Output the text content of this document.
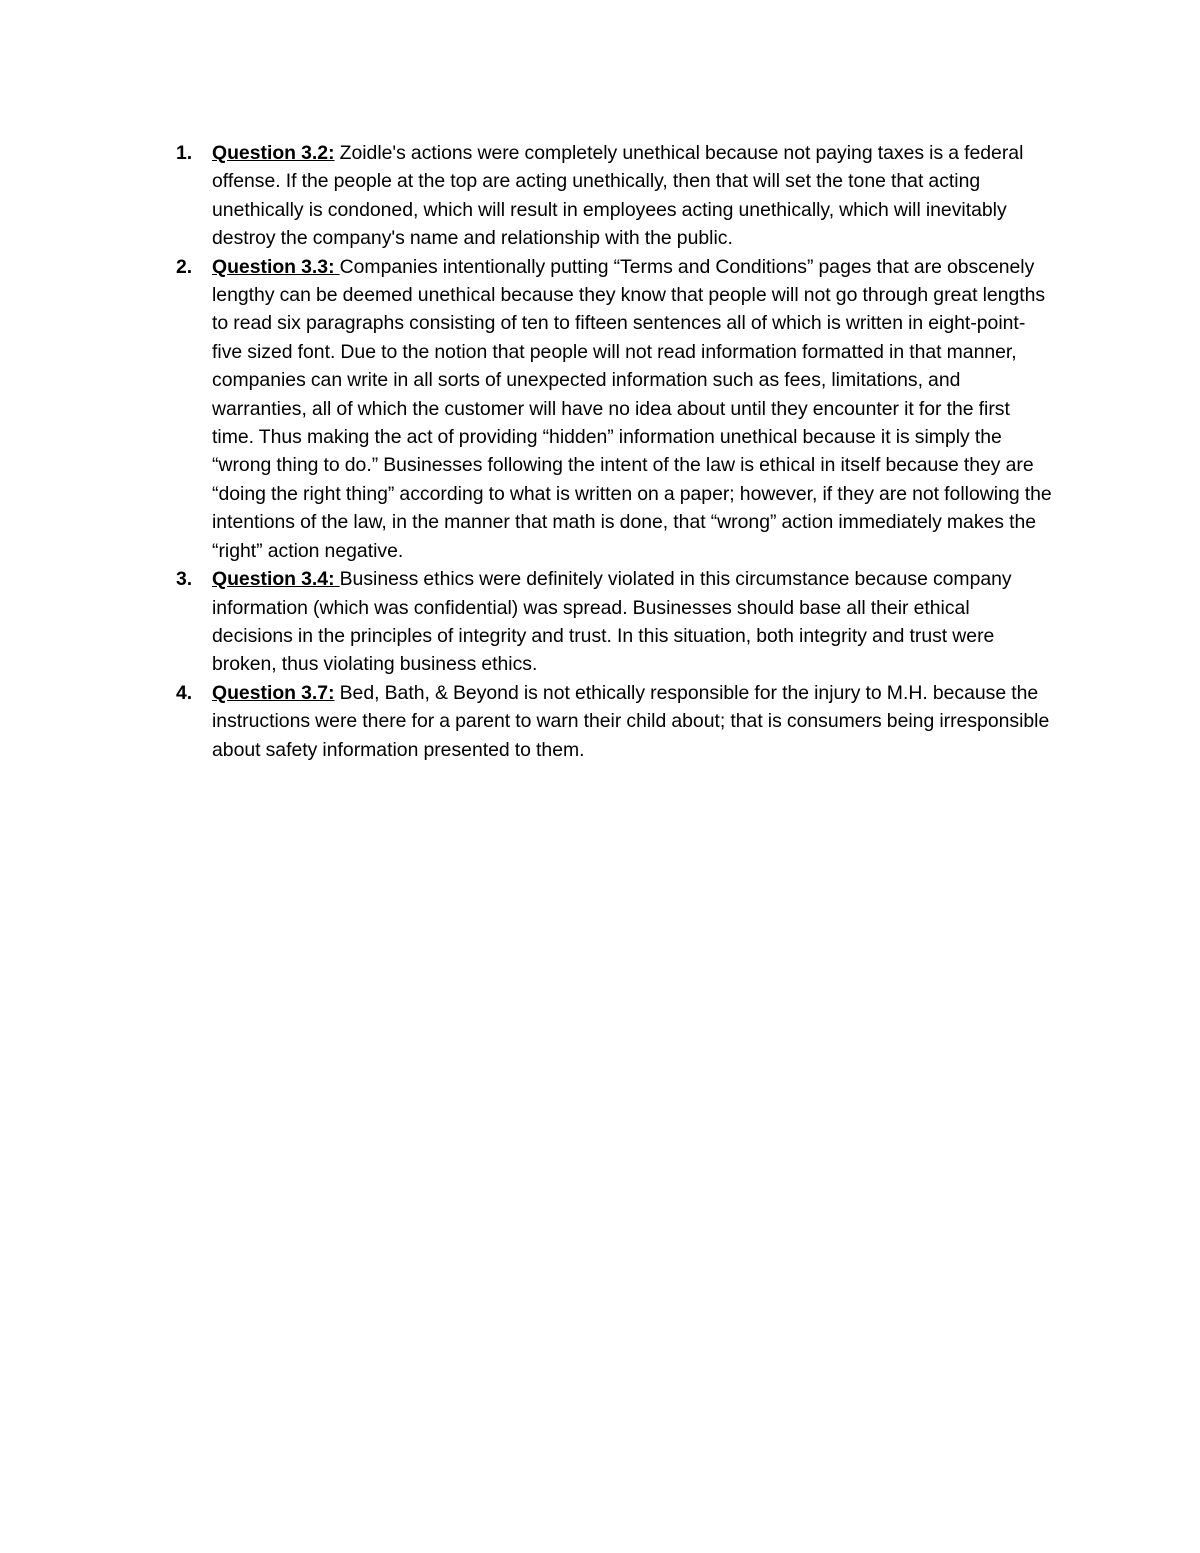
1. Question 3.2: Zoidle's actions were completely unethical because not paying taxes is a federal offense. If the people at the top are acting unethically, then that will set the tone that acting unethically is condoned, which will result in employees acting unethically, which will inevitably destroy the company's name and relationship with the public.
2. Question 3.3: Companies intentionally putting “Terms and Conditions” pages that are obscenely lengthy can be deemed unethical because they know that people will not go through great lengths to read six paragraphs consisting of ten to fifteen sentences all of which is written in eight-point-five sized font. Due to the notion that people will not read information formatted in that manner, companies can write in all sorts of unexpected information such as fees, limitations, and warranties, all of which the customer will have no idea about until they encounter it for the first time. Thus making the act of providing “hidden” information unethical because it is simply the “wrong thing to do.” Businesses following the intent of the law is ethical in itself because they are “doing the right thing” according to what is written on a paper; however, if they are not following the intentions of the law, in the manner that math is done, that “wrong” action immediately makes the “right” action negative.
3. Question 3.4: Business ethics were definitely violated in this circumstance because company information (which was confidential) was spread. Businesses should base all their ethical decisions in the principles of integrity and trust. In this situation, both integrity and trust were broken, thus violating business ethics.
4. Question 3.7: Bed, Bath, & Beyond is not ethically responsible for the injury to M.H. because the instructions were there for a parent to warn their child about; that is consumers being irresponsible about safety information presented to them.
